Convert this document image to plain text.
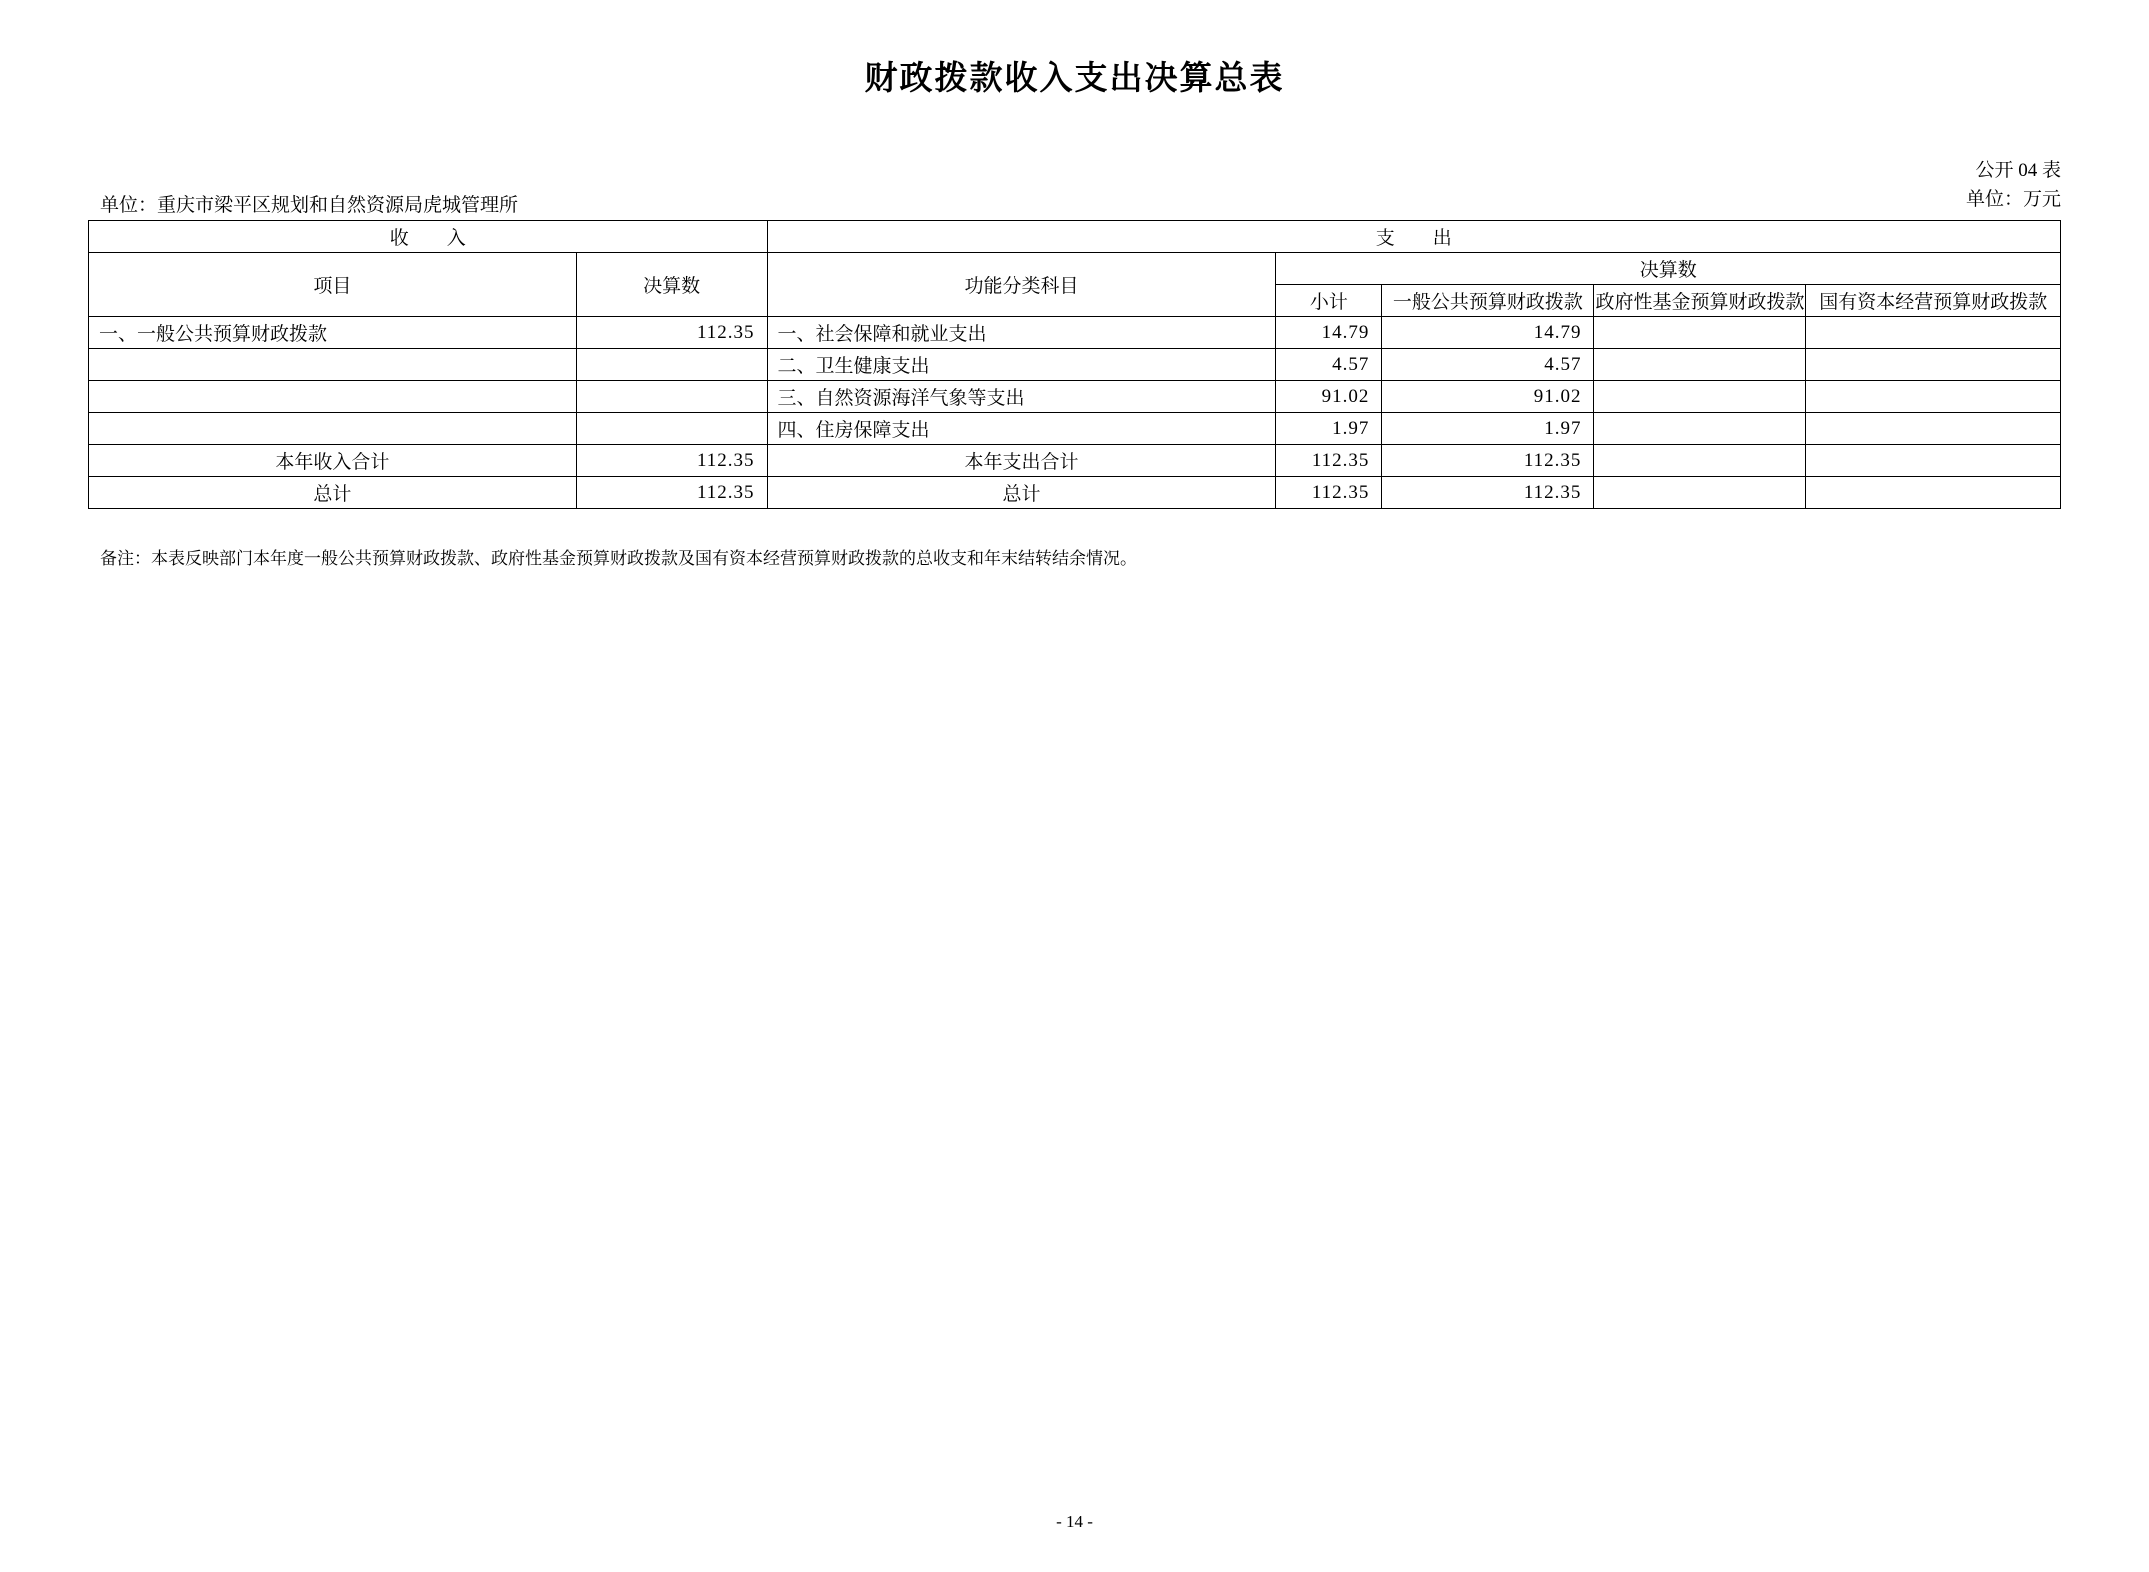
财政拨款收入支出决算总表
公开 04 表
单位：万元
单位：重庆市梁平区规划和自然资源局虎城管理所
收　　入		支　　出				
项目	决算数	功能分类科目	决算数			
			小计	一般公共预算财政拨款	政府性基金预算财政拨款	国有资本经营预算财政拨款
一、一般公共预算财政拨款	112.35	一、社会保障和就业支出	14.79	14.79		
		二、卫生健康支出	4.57	4.57		
		三、自然资源海洋气象等支出	91.02	91.02		
		四、住房保障支出	1.97	1.97		
本年收入合计	112.35	本年支出合计	112.35	112.35		
总计	112.35	总计	112.35	112.35		
备注：本表反映部门本年度一般公共预算财政拨款、政府性基金预算财政拨款及国有资本经营预算财政拨款的总收支和年末结转结余情况。
- 14 -
